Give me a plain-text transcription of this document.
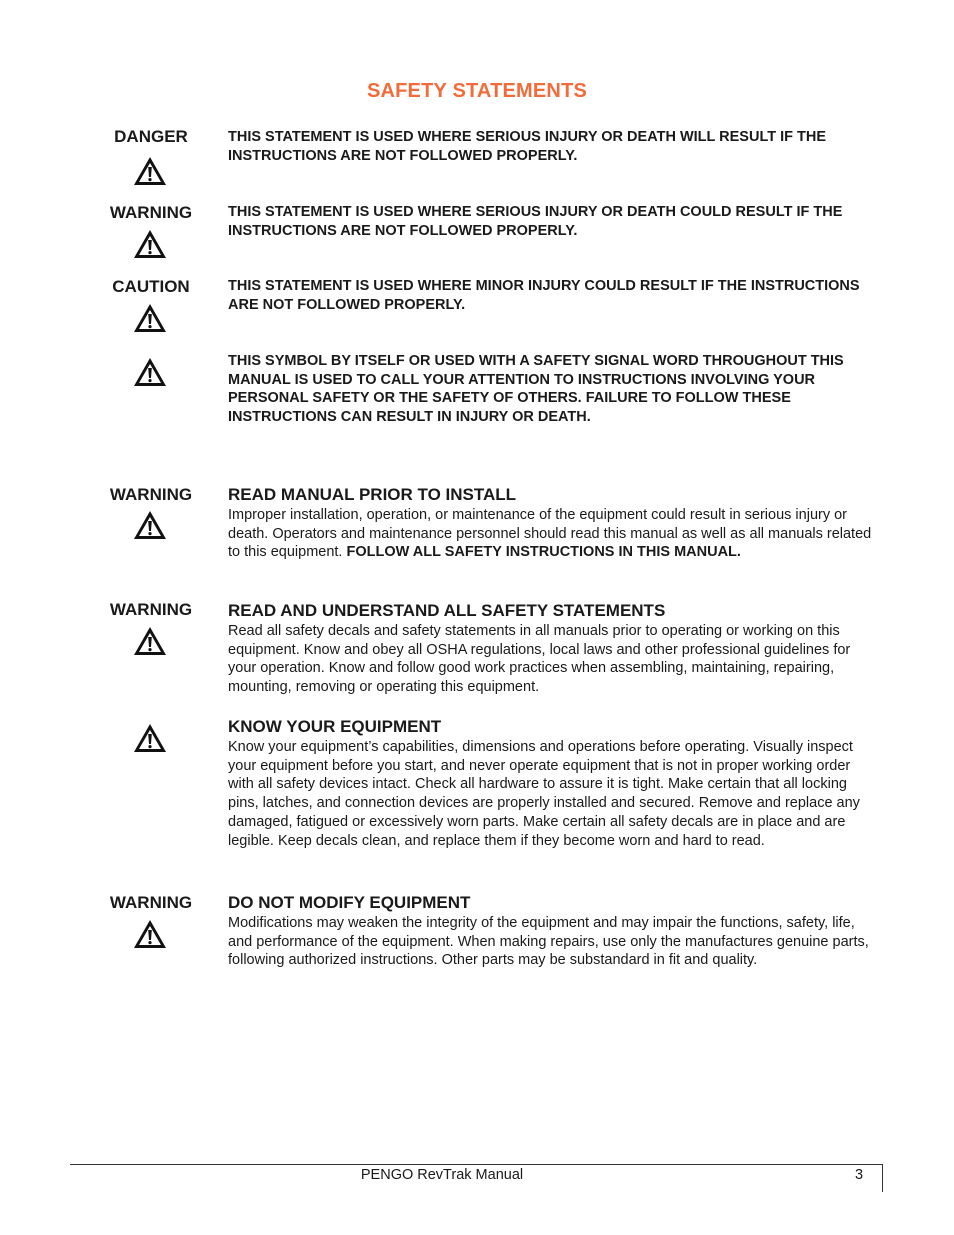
SAFETY STATEMENTS
DANGER	THIS STATEMENT IS USED WHERE SERIOUS INJURY OR DEATH WILL RESULT IF THE INSTRUCTIONS ARE NOT FOLLOWED PROPERLY.
WARNING	THIS STATEMENT IS USED WHERE SERIOUS INJURY OR DEATH COULD RESULT IF THE INSTRUCTIONS ARE NOT FOLLOWED PROPERLY.
CAUTION	THIS STATEMENT IS USED WHERE MINOR INJURY COULD RESULT IF THE INSTRUCTIONS ARE NOT FOLLOWED PROPERLY.
THIS SYMBOL BY ITSELF OR USED WITH A SAFETY SIGNAL WORD THROUGHOUT THIS MANUAL IS USED TO CALL YOUR ATTENTION TO INSTRUCTIONS INVOLVING YOUR PERSONAL SAFETY OR THE SAFETY OF OTHERS. FAILURE TO FOLLOW THESE INSTRUCTIONS CAN RESULT IN INJURY OR DEATH.
WARNING	READ MANUAL PRIOR TO INSTALL
Improper installation, operation, or maintenance of the equipment could result in serious injury or death. Operators and maintenance personnel should read this manual as well as all manuals related to this equipment. FOLLOW ALL SAFETY INSTRUCTIONS IN THIS MANUAL.
WARNING	READ AND UNDERSTAND ALL SAFETY STATEMENTS
Read all safety decals and safety statements in all manuals prior to operating or working on this equipment. Know and obey all OSHA regulations, local laws and other professional guidelines for your operation. Know and follow good work practices when assembling, maintaining, repairing, mounting, removing or operating this equipment.
KNOW YOUR EQUIPMENT
Know your equipment’s capabilities, dimensions and operations before operating. Visually inspect your equipment before you start, and never operate equipment that is not in proper working order with all safety devices intact. Check all hardware to assure it is tight. Make certain that all locking pins, latches, and connection devices are properly installed and secured. Remove and replace any damaged, fatigued or excessively worn parts. Make certain all safety decals are in place and are legible. Keep decals clean, and replace them if they become worn and hard to read.
WARNING	DO NOT MODIFY EQUIPMENT
Modifications may weaken the integrity of the equipment and may impair the functions, safety, life, and performance of the equipment. When making repairs, use only the manufactures genuine parts, following authorized instructions. Other parts may be substandard in fit and quality.
PENGO RevTrak Manual	3
